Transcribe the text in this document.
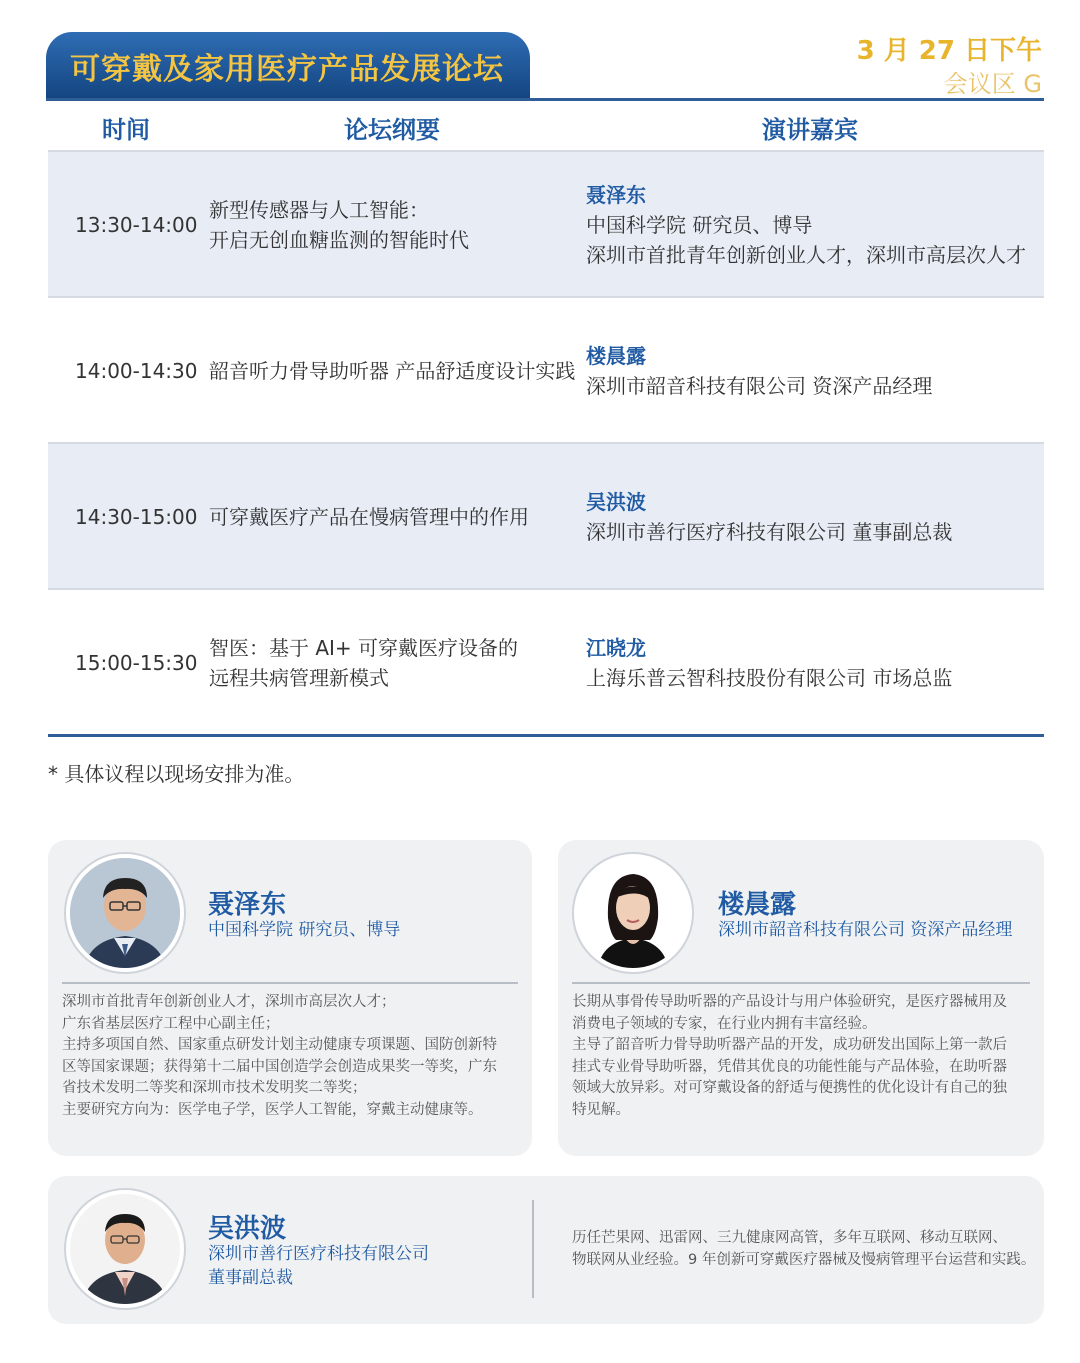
可穿戴及家用医疗产品发展论坛
3 月 27 日下午
会议区 G
时间	论坛纲要	演讲嘉宾
13:30-14:00
新型传感器与人工智能：
开启无创血糖监测的智能时代
聂泽东
中国科学院 研究员、博导
深圳市首批青年创新创业人才，深圳市高层次人才
14:00-14:30 韶音听力骨导助听器 产品舒适度设计实践
楼晨露
深圳市韶音科技有限公司 资深产品经理
14:30-15:00 可穿戴医疗产品在慢病管理中的作用
吴洪波
深圳市善行医疗科技有限公司 董事副总裁
15:00-15:30
智医：基于 AI+ 可穿戴医疗设备的
远程共病管理新模式
江晓龙
上海乐普云智科技股份有限公司 市场总监
* 具体议程以现场安排为准。
聂泽东
中国科学院 研究员、博导
深圳市首批青年创新创业人才，深圳市高层次人才；
广东省基层医疗工程中心副主任；
主持多项国自然、国家重点研发计划主动健康专项课题、国防创新特
区等国家课题；获得第十二届中国创造学会创造成果奖一等奖，广东
省技术发明二等奖和深圳市技术发明奖二等奖；
主要研究方向为：医学电子学，医学人工智能，穿戴主动健康等。
楼晨露
深圳市韶音科技有限公司 资深产品经理
长期从事骨传导助听器的产品设计与用户体验研究，是医疗器械用及
消费电子领域的专家，在行业内拥有丰富经验。
主导了韶音听力骨导助听器产品的开发，成功研发出国际上第一款后
挂式专业骨导助听器，凭借其优良的功能性能与产品体验，在助听器
领域大放异彩。对可穿戴设备的舒适与便携性的优化设计有自己的独
特见解。
吴洪波
深圳市善行医疗科技有限公司
董事副总裁
历任芒果网、迅雷网、三九健康网高管，多年互联网、移动互联网、
物联网从业经验。9 年创新可穿戴医疗器械及慢病管理平台运营和实践。
